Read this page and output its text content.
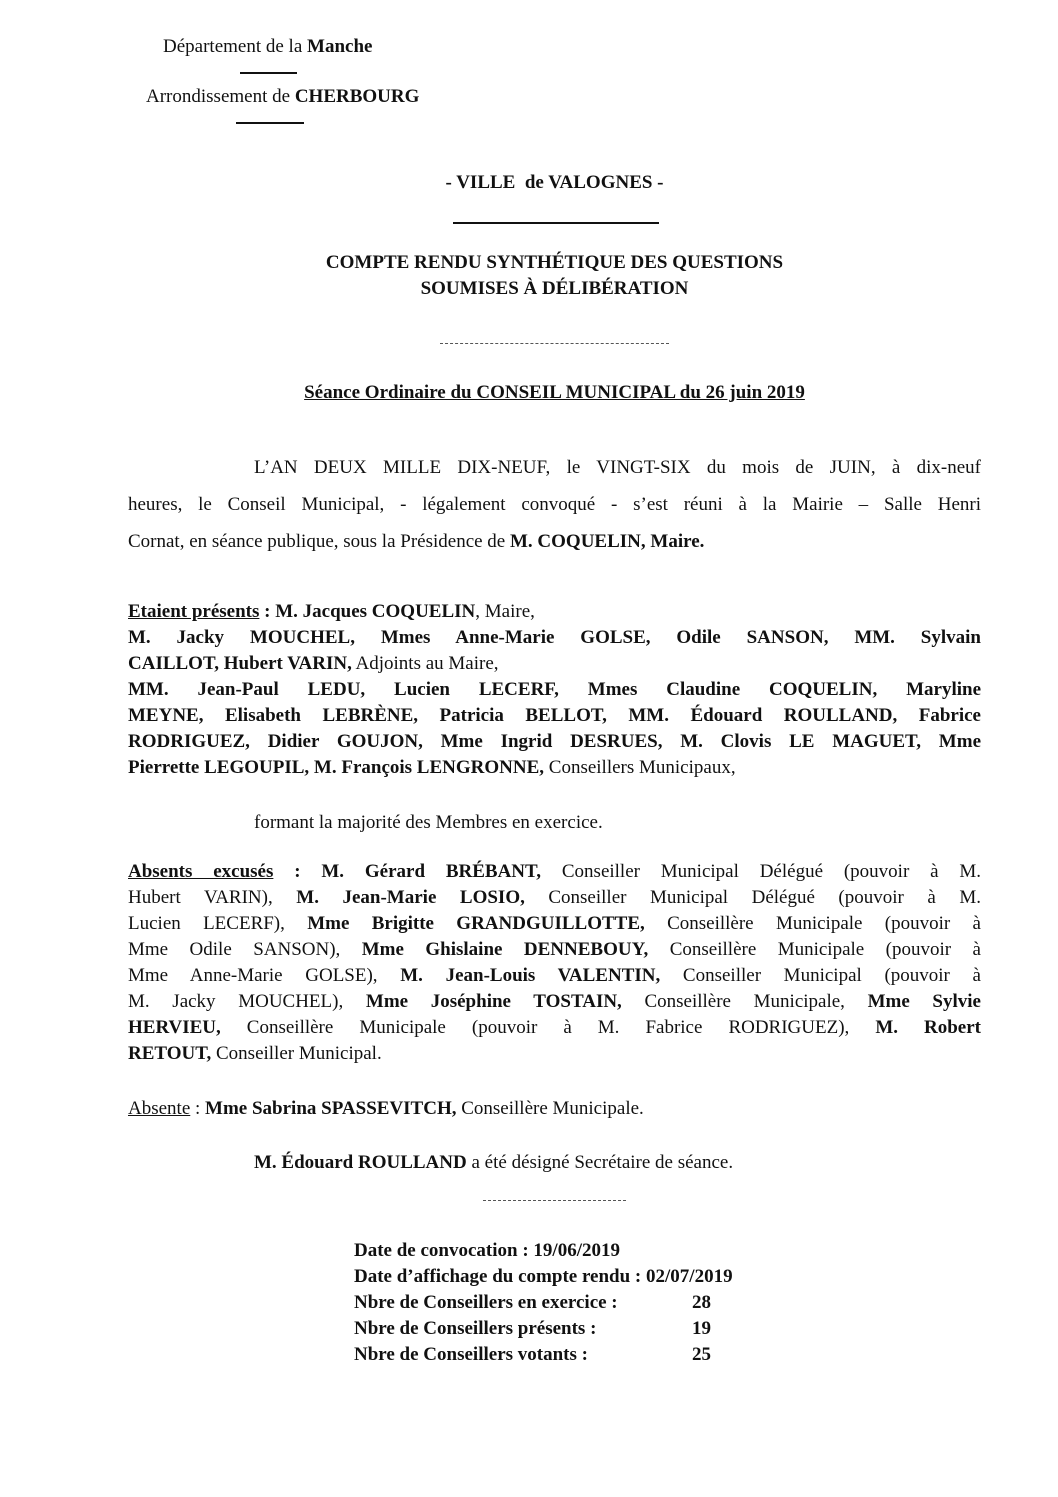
Département de la Manche
Arrondissement de CHERBOURG
- VILLE  de VALOGNES -
COMPTE RENDU SYNTHÉTIQUE DES QUESTIONS
SOUMISES À DÉLIBÉRATION
Séance Ordinaire du CONSEIL MUNICIPAL du 26 juin 2019
L’AN DEUX MILLE DIX-NEUF, le VINGT-SIX du mois de JUIN, à dix-neuf
heures, le Conseil Municipal, - légalement convoqué - s’est réuni à la Mairie – Salle Henri
Cornat, en séance publique, sous la Présidence de M. COQUELIN, Maire.
Etaient présents : M. Jacques COQUELIN, Maire,
M. Jacky MOUCHEL, Mmes Anne-Marie GOLSE, Odile SANSON, MM. Sylvain
CAILLOT, Hubert VARIN, Adjoints au Maire,
MM. Jean-Paul LEDU, Lucien LECERF, Mmes Claudine COQUELIN, Maryline
MEYNE, Elisabeth LEBRÈNE, Patricia BELLOT, MM. Édouard ROULLAND, Fabrice
RODRIGUEZ, Didier GOUJON, Mme Ingrid DESRUES, M. Clovis LE MAGUET, Mme
Pierrette LEGOUPIL, M. François LENGRONNE, Conseillers Municipaux,
formant la majorité des Membres en exercice.
Absents excusés : M. Gérard BRÉBANT, Conseiller Municipal Délégué (pouvoir à M.
Hubert VARIN), M. Jean-Marie LOSIO, Conseiller Municipal Délégué (pouvoir à M.
Lucien LECERF), Mme Brigitte GRANDGUILLOTTE, Conseillère Municipale (pouvoir à
Mme Odile SANSON), Mme Ghislaine DENNEBOUY, Conseillère Municipale (pouvoir à
Mme Anne-Marie GOLSE), M. Jean-Louis VALENTIN, Conseiller Municipal (pouvoir à
M. Jacky MOUCHEL), Mme Joséphine TOSTAIN, Conseillère Municipale, Mme Sylvie
HERVIEU, Conseillère Municipale (pouvoir à M. Fabrice RODRIGUEZ), M. Robert
RETOUT, Conseiller Municipal.
Absente : Mme Sabrina SPASSEVITCH, Conseillère Municipale.
M. Édouard ROULLAND a été désigné Secrétaire de séance.
Date de convocation : 19/06/2019
Date d’affichage du compte rendu : 02/07/2019
Nbre de Conseillers en exercice :	28
Nbre de Conseillers présents :	19
Nbre de Conseillers votants :	25
